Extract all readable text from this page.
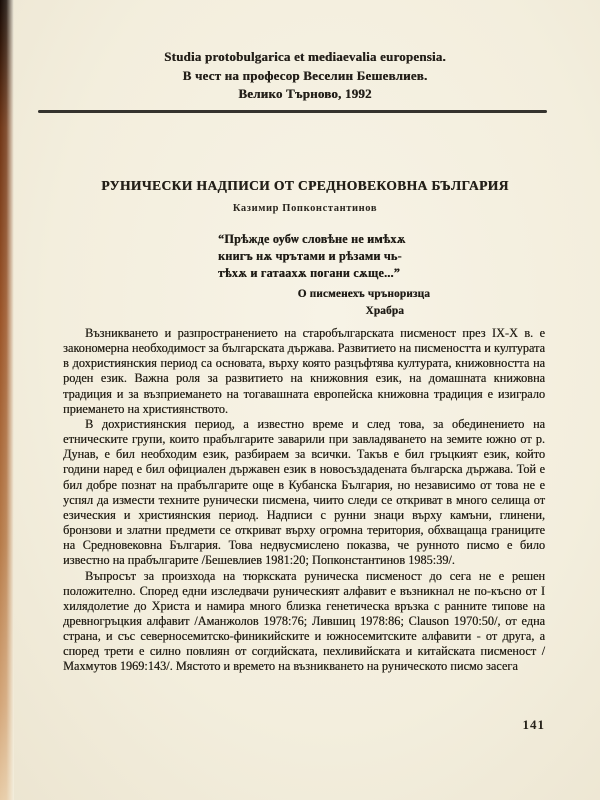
Studia protobulgarica et mediaevalia europensia.
В чест на професор Веселин Бешевлиев.
Велико Търново, 1992
РУНИЧЕСКИ НАДПИСИ ОТ СРЕДНОВЕКОВНА БЪЛГАРИЯ
Казимир Попконстантинов
“Прѣжде оубѡ словѣне не имѣхѫ
книгъ нѫ чрътами и рѣзами чь-
тѣхѫ и гатаахѫ погани сѫще...”
О писменехъ чръноризца
Храбра

Възникването и разпространението на старобългарската писменост през IX-X в. е закономерна необходимост за българската държава. Развитието на писмеността и културата в дохристиянския период са основата, върху която разцъфтява културата, книжовността на роден език. Важна роля за развитието на книжовния език, на домашната книжовна традиция и за възприемането на тогавашната европейска книжовна традиция е изиграло приемането на християнството.

В дохристиянския период, а известно време и след това, за обединението на етническите групи, които прабългарите заварили при завладяването на земите южно от р. Дунав, е бил необходим език, разбираем за всички. Такъв е бил гръцкият език, който години наред е бил официален държавен език в новосъздадената българска държава. Той е бил добре познат на прабългарите още в Кубанска България, но независимо от това не е успял да измести техните рунически писмена, чиито следи се откриват в много селища от езическия и християнския период. Надписи с рунни знаци върху камъни, глинени, бронзови и златни предмети се откриват върху огромна територия, обхващаща границите на Средновековна България. Това недвусмислено показва, че рунното писмо е било известно на прабългарите /Бешевлиев 1981:20; Попконстантинов 1985:39/.

Въпросът за произхода на тюркската руническа писменост до сега не е решен положително. Според едни изследвачи руническият алфавит е възникнал не по-късно от I хилядолетие до Христа и намира много близка генетическа връзка с ранните типове на древногръцкия алфавит /Аманжолов 1978:76; Лившиц 1978:86; Clauson 1970:50/, от една страна, и със северносемитско-финикийските и южносемитските алфавити - от друга, а според трети е силно повлиян от согдийската, пехливийската и китайската писменост /Махмутов 1969:143/. Мястото и времето на възникването на руническото писмо засега

141
